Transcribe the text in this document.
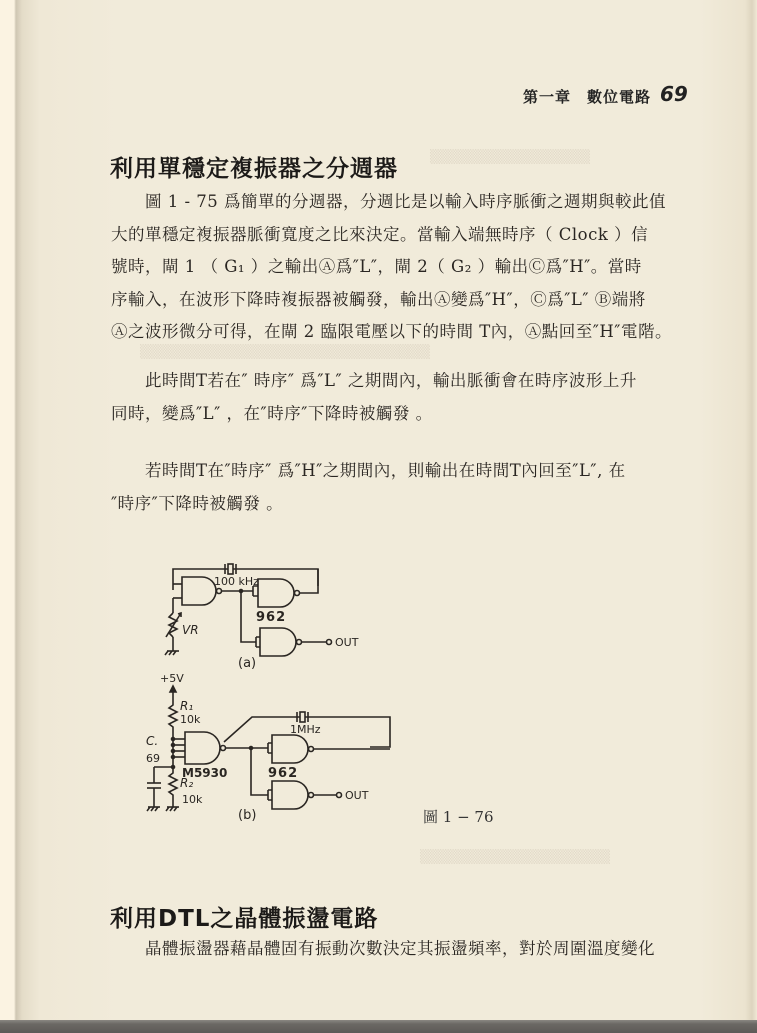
▒▒▒▒▒▒▒▒▒▒▒▒▒▒▒▒
▒▒▒▒▒▒▒▒▒▒▒▒▒▒▒▒▒▒▒▒▒▒▒▒▒▒▒▒▒
▒▒▒▒▒▒▒▒▒▒▒▒▒▒▒▒▒▒▒
第一章　數位電路 69
利用單穩定複振器之分週器
圖 1 - 75 爲簡單的分週器，分週比是以輸入時序脈衝之週期與較此值
大的單穩定複振器脈衝寬度之比來決定。當輸入端無時序（ Clock ）信
號時，閘 1 （ G₁ ）之輸出Ⓐ爲″L″，閘 2（ G₂ ）輸出Ⓒ爲″H″。當時
序輸入，在波形下降時複振器被觸發，輸出Ⓐ變爲″H″，Ⓒ爲″L″ Ⓑ端將
Ⓐ之波形微分可得，在閘 2 臨限電壓以下的時間 T內，Ⓐ點回至″H″電階。
此時間T若在″ 時序″ 爲″L″ 之期間內，輸出脈衝會在時序波形上升
同時，變爲″L″ ，在″時序″下降時被觸發 。
若時間T在″時序″ 爲″H″之期間內，則輸出在時間T內回至″L″, 在
″時序″下降時被觸發 。
100 kHz
962
VR
OUT
(a)
+5V
R₁
10k
C.
69
M5930
1MHz
962
R₂
10k	OUT
(b)	圖 1 − 76
利用DTL之晶體振盪電路
晶體振盪器藉晶體固有振動次數決定其振盪頻率，對於周圍溫度變化
